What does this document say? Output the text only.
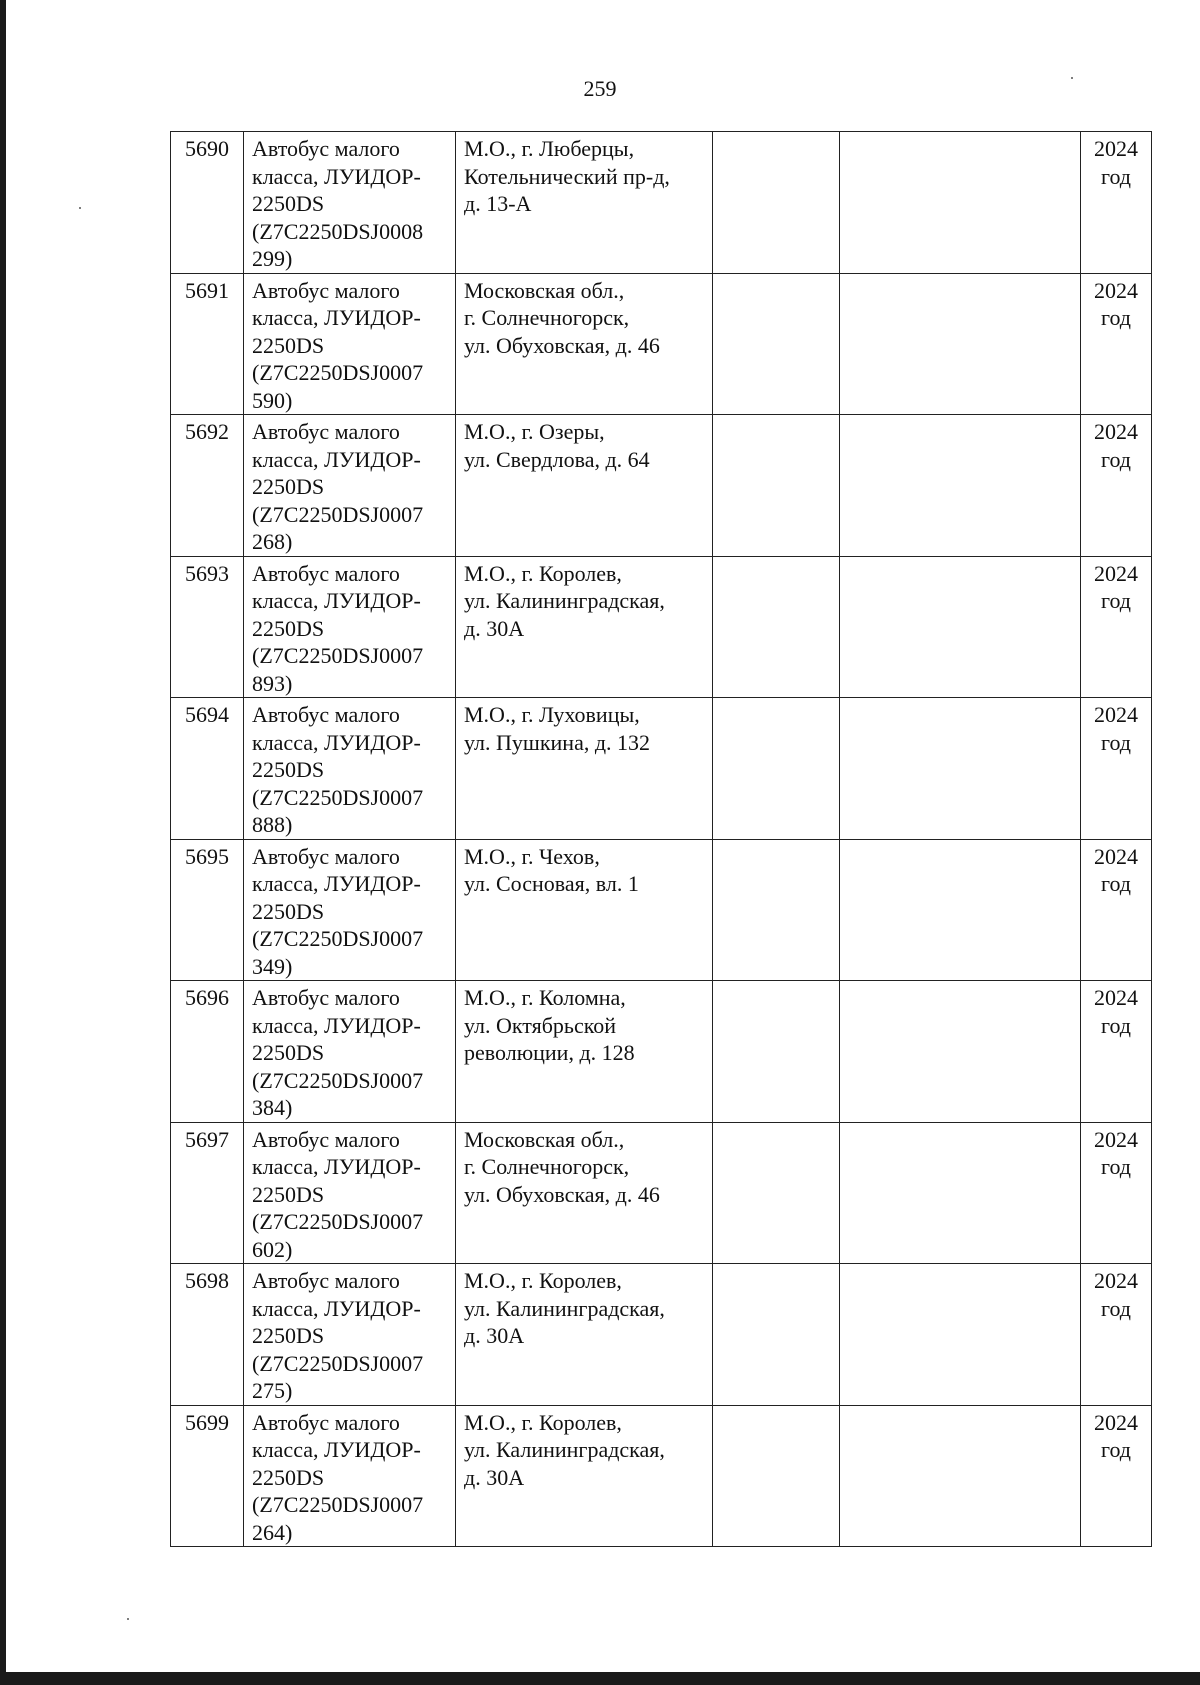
259
5690	Автобус малого
класса, ЛУИДОР-
2250DS
(Z7C2250DSJ0008
299)	М.О., г. Люберцы,
Котельнический пр-д,
д. 13-А			2024
год

5691	Автобус малого
класса, ЛУИДОР-
2250DS
(Z7C2250DSJ0007
590)	Московская обл.,
г. Солнечногорск,
ул. Обуховская, д. 46			2024
год

5692	Автобус малого
класса, ЛУИДОР-
2250DS
(Z7C2250DSJ0007
268)	М.О., г. Озеры,
ул. Свердлова, д. 64			2024
год

5693	Автобус малого
класса, ЛУИДОР-
2250DS
(Z7C2250DSJ0007
893)	М.О., г. Королев,
ул. Калининградская,
д. 30А			2024
год

5694	Автобус малого
класса, ЛУИДОР-
2250DS
(Z7C2250DSJ0007
888)	М.О., г. Луховицы,
ул. Пушкина, д. 132			2024
год

5695	Автобус малого
класса, ЛУИДОР-
2250DS
(Z7C2250DSJ0007
349)	М.О., г. Чехов,
ул. Сосновая, вл. 1			2024
год

5696	Автобус малого
класса, ЛУИДОР-
2250DS
(Z7C2250DSJ0007
384)	М.О., г. Коломна,
ул. Октябрьской
революции, д. 128			2024
год

5697	Автобус малого
класса, ЛУИДОР-
2250DS
(Z7C2250DSJ0007
602)	Московская обл.,
г. Солнечногорск,
ул. Обуховская, д. 46			2024
год

5698	Автобус малого
класса, ЛУИДОР-
2250DS
(Z7C2250DSJ0007
275)	М.О., г. Королев,
ул. Калининградская,
д. 30А			2024
год

5699	Автобус малого
класса, ЛУИДОР-
2250DS
(Z7C2250DSJ0007
264)	М.О., г. Королев,
ул. Калининградская,
д. 30А			2024
год
